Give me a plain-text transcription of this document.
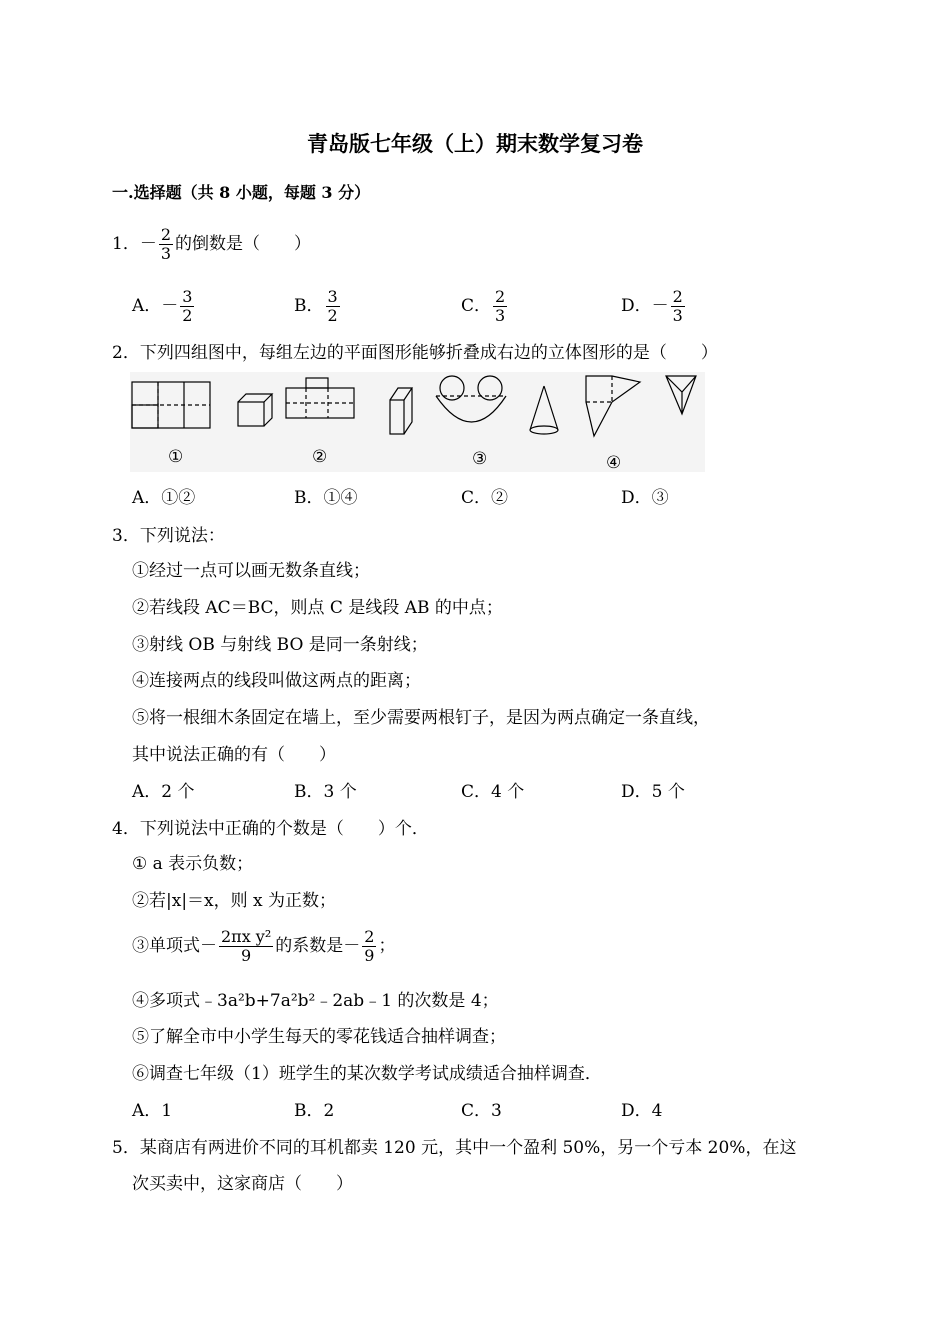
青岛版七年级（上）期末数学复习卷
一.选择题（共 8 小题，每题 3 分）
1．－ $\frac{2}{3}$ 的倒数是（　　）
A．－ $\frac{3}{2}$	B． $\frac{3}{2}$	C． $\frac{2}{3}$	D．－ $\frac{2}{3}$
2．下列四组图中，每组左边的平面图形能够折叠成右边的立体图形的是（　　）
①	②	③	④
A．①②	B．①④	C．②	D．③
3．下列说法：
①经过一点可以画无数条直线；
②若线段 AC＝BC，则点 C 是线段 AB 的中点；
③射线 OB 与射线 BO 是同一条射线；
④连接两点的线段叫做这两点的距离；
⑤将一根细木条固定在墙上，至少需要两根钉子，是因为两点确定一条直线，
其中说法正确的有（　　）
A．2 个	B．3 个	C．4 个	D．5 个
4．下列说法中正确的个数是（　　）个．
① a 表示负数；
②若|x|＝x，则 x 为正数；
③单项式－ $\frac{\text{2πx y²}}{9}$ 的系数是－ $\frac{2}{9}$ ；
④多项式﹣3a²b+7a²b²﹣2ab﹣1 的次数是 4；
⑤了解全市中小学生每天的零花钱适合抽样调查；
⑥调查七年级（1）班学生的某次数学考试成绩适合抽样调查．
A．1	B．2	C．3	D．4
5．某商店有两进价不同的耳机都卖 120 元，其中一个盈利 50%，另一个亏本 20%，在这
次买卖中，这家商店（　　）
